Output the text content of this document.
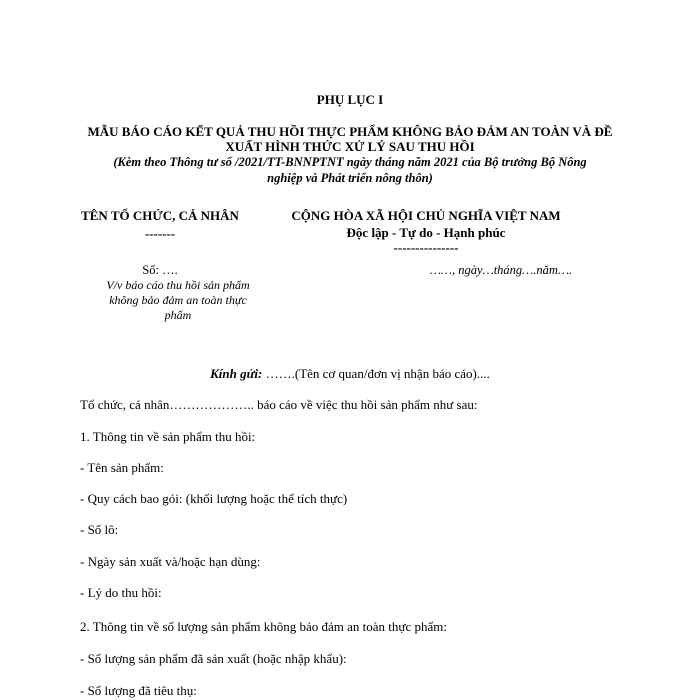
PHỤ LỤC I
MẪU BÁO CÁO KẾT QUẢ THU HỒI THỰC PHẨM KHÔNG BẢO ĐẢM AN TOÀN VÀ ĐỀ
XUẤT HÌNH THỨC XỬ LÝ SAU THU HỒI
(Kèm theo Thông tư số /2021/TT-BNNPTNT ngày tháng năm 2021 của Bộ trưởng Bộ Nông
nghiệp và Phát triển nông thôn)
TÊN TỔ CHỨC, CÁ NHÂN
-------
CỘNG HÒA XÃ HỘI CHỦ NGHĨA VIỆT NAM
Độc lập - Tự do - Hạnh phúc
---------------
Số: ….	……, ngày…tháng….năm….
V/v báo cáo thu hồi sản phẩm
không bảo đảm an toàn thực
phẩm
Kính gửi: …….(Tên cơ quan/đơn vị nhận báo cáo)....
Tổ chức, cá nhân……………….. báo cáo về việc thu hồi sản phẩm như sau:
1. Thông tin về sản phẩm thu hồi:
- Tên sản phẩm:
- Quy cách bao gói: (khối lượng hoặc thể tích thực)
- Số lô:
- Ngày sản xuất và/hoặc hạn dùng:
- Lý do thu hồi:
2. Thông tin về số lượng sản phẩm không bảo đảm an toàn thực phẩm:
- Số lượng sản phẩm đã sản xuất (hoặc nhập khẩu):
- Số lượng đã tiêu thụ:
